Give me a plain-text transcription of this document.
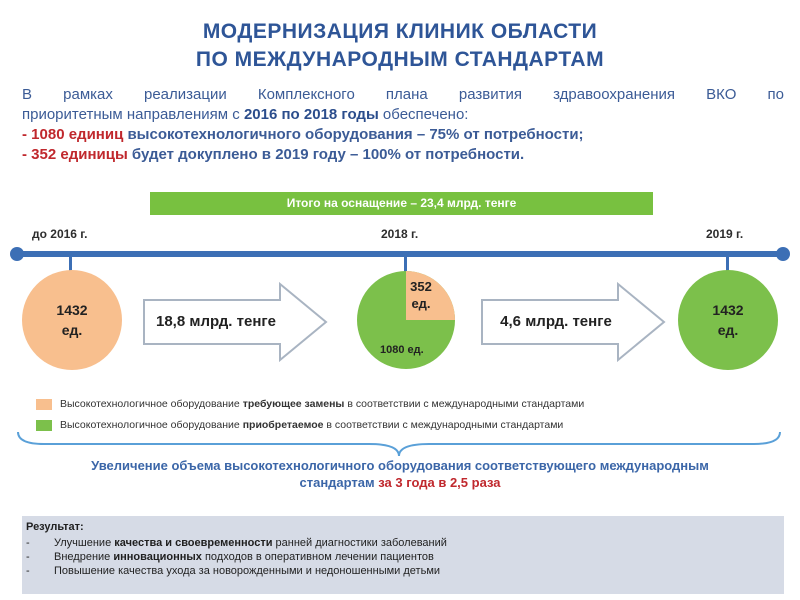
МОДЕРНИЗАЦИЯ КЛИНИК ОБЛАСТИ
ПО МЕЖДУНАРОДНЫМ СТАНДАРТАМ
В рамках реализации Комплексного плана развития здравоохранения ВКО по
приоритетным направлениям с 2016 по 2018 годы обеспечено:
- 1080 единиц высокотехнологичного оборудования – 75% от потребности;
- 352 единицы будет докуплено в 2019 году – 100% от потребности.
Итого на оснащение – 23,4 млрд. тенге
до 2016 г.	2018 г.	2019 г.
1432
ед.	18,8 млрд. тенге
352
ед.
1080 ед.
4,6 млрд. тенге
1432
ед.
Высокотехнологичное оборудование требующее замены в соответствии с международными стандартами
Высокотехнологичное оборудование приобретаемое в соответствии с международными стандартами
Увеличение объема высокотехнологичного оборудования соответствующего международным
стандартам за 3 года в 2,5 раза
Результат:
-	Улучшение качества и своевременности ранней диагностики заболеваний
-	Внедрение инновационных подходов в оперативном лечении пациентов
-	Повышение качества ухода за новорожденными и недоношенными детьми
